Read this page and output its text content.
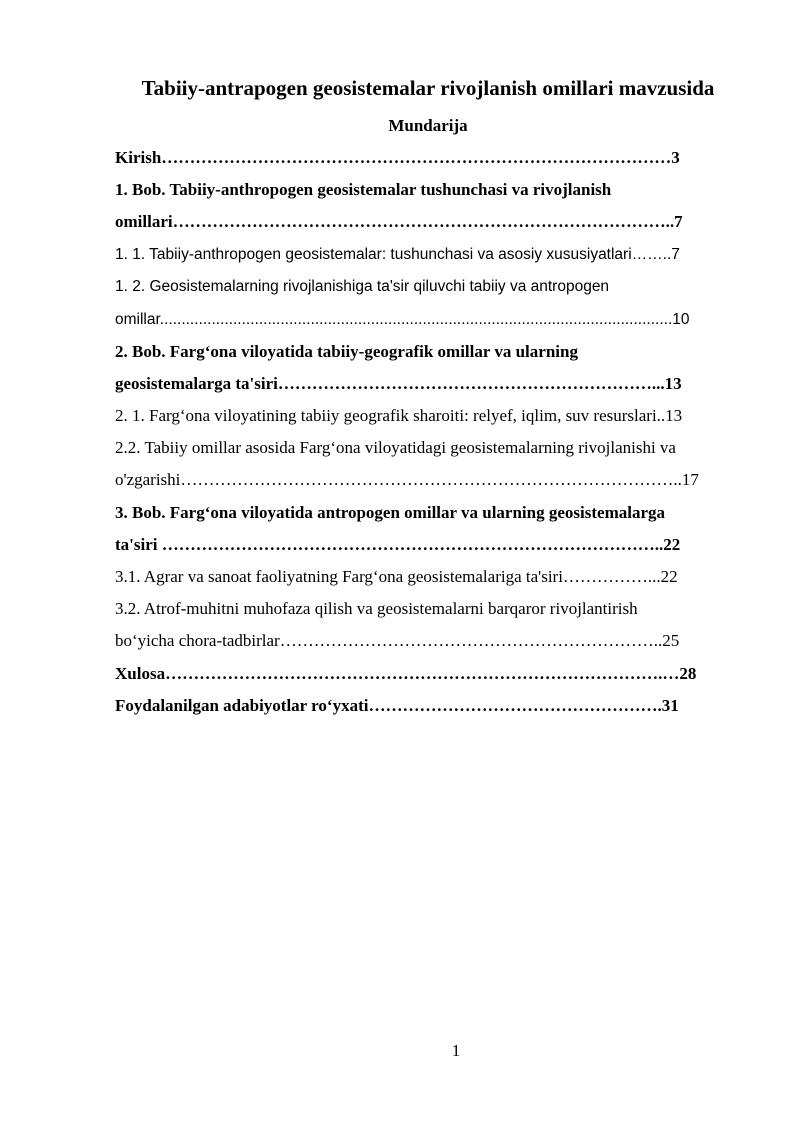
Tabiiy-antrapogen geosistemalar rivojlanish omillari mavzusida
Mundarija
Kirish………………………………………………………………………………3
1. Bob. Tabiiy-anthropogen geosistemalar tushunchasi va rivojlanish
omillari……………………………………………………………………………..7
1. 1. Tabiiy-anthropogen geosistemalar: tushunchasi va asosiy xususiyatlari……..7
1. 2. Geosistemalarning rivojlanishiga ta'sir qiluvchi tabiiy va antropogen
omillar.......................................................................................................................10
2. Bob. Farg‘ona viloyatida tabiiy-geografik omillar va ularning
geosistemalarga ta'siri…………………………………………………………...13
2. 1. Farg‘ona viloyatining tabiiy geografik sharoiti: relyef, iqlim, suv resurslari..13
2.2. Tabiiy omillar asosida Farg‘ona viloyatidagi geosistemalarning rivojlanishi va
o'zgarishi……………………………………………………………………………..17
3. Bob. Farg‘ona viloyatida antropogen omillar va ularning geosistemalarga
ta'siri ……………………………………………………………………………..22
3.1. Agrar va sanoat faoliyatning Farg‘ona geosistemalariga ta'siri……………...22
3.2. Atrof-muhitni muhofaza qilish va geosistemalarni barqaror rivojlantirish
bo‘yicha chora-tadbirlar…………………………………………………………..25
Xulosa…………………………………………………………………………….…28
Foydalanilgan adabiyotlar ro‘yxati…………………………………………….31
1
